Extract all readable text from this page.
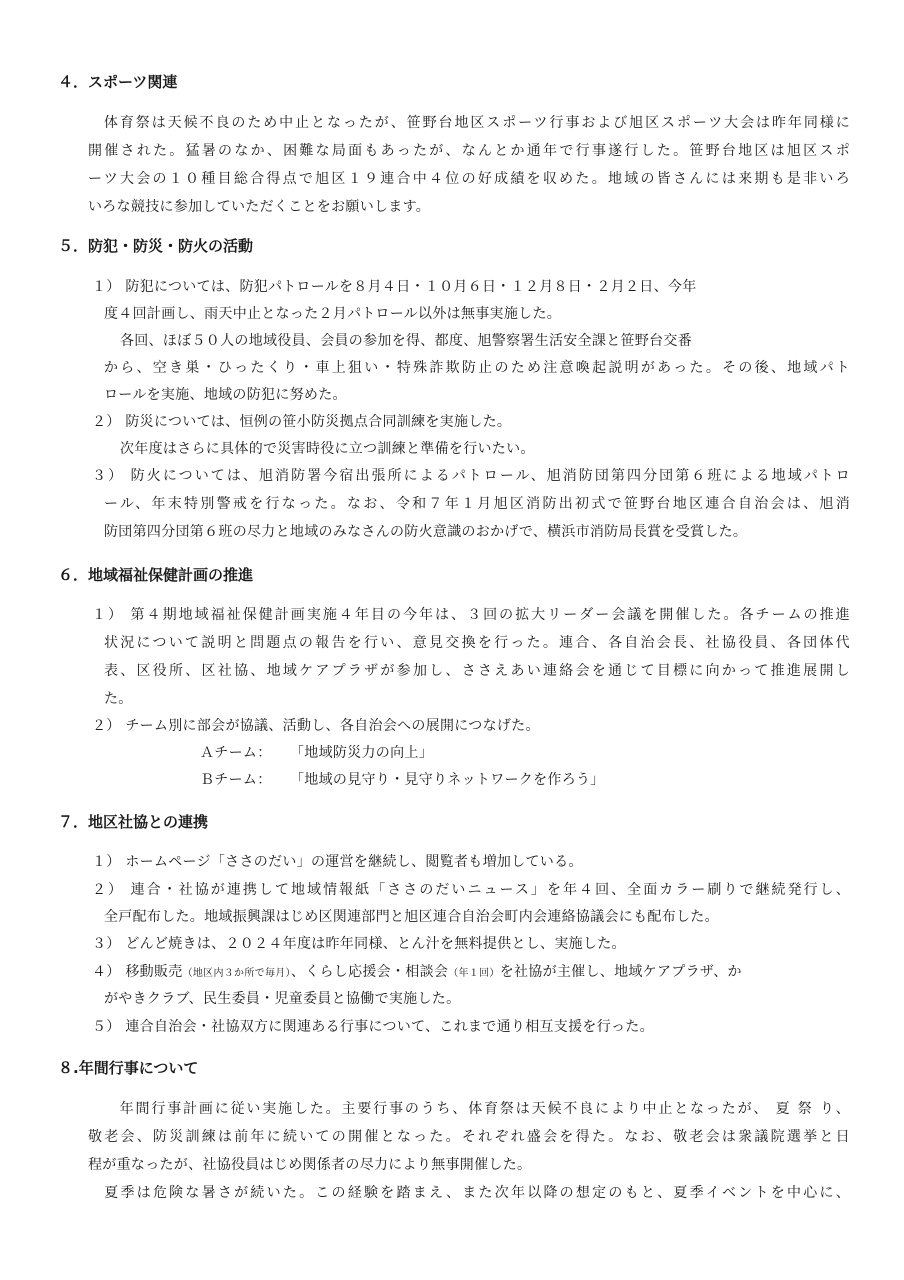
４．スポーツ関連
　体育祭は天候不良のため中止となったが、笹野台地区スポーツ行事および旭区スポーツ大会は昨年同様に
開催された。猛暑のなか、困難な局面もあったが、なんとか通年で行事遂行した。笹野台地区は旭区スポ
ーツ大会の１０種目総合得点で旭区１９連合中４位の好成績を収めた。地域の皆さんには来期も是非いろ
いろな競技に参加していただくことをお願いします。
５．防犯・防災・防火の活動
１） 防犯については、防犯パトロールを８月４日・１０月６日・１２月８日・２月２日、今年
度４回計画し、雨天中止となった２月パトロール以外は無事実施した。
各回、ほぼ５０人の地域役員、会員の参加を得、都度、旭警察署生活安全課と笹野台交番
から、空き巣・ひったくり・車上狙い・特殊詐欺防止のため注意喚起説明があった。その後、地域パト
ロールを実施、地域の防犯に努めた。
２） 防災については、恒例の笹小防災拠点合同訓練を実施した。
次年度はさらに具体的で災害時役に立つ訓練と準備を行いたい。
３） 防火については、旭消防署今宿出張所によるパトロール、旭消防団第四分団第６班による地域パトロ
ール、年末特別警戒を行なった。なお、令和７年１月旭区消防出初式で笹野台地区連合自治会は、旭消
防団第四分団第６班の尽力と地域のみなさんの防火意識のおかげで、横浜市消防局長賞を受賞した。
６．地域福祉保健計画の推進
１） 第４期地域福祉保健計画実施４年目の今年は、３回の拡大リーダー会議を開催した。各チームの推進
状況について説明と問題点の報告を行い、意見交換を行った。連合、各自治会長、社協役員、各団体代
表、区役所、区社協、地域ケアプラザが参加し、ささえあい連絡会を通じて目標に向かって推進展開し
た。
２） チーム別に部会が協議、活動し、各自治会への展開につなげた。
Ａチーム： 「地域防災力の向上」
Ｂチーム： 「地域の見守り・見守りネットワークを作ろう」
７．地区社協との連携
１） ホームページ「ささのだい」の運営を継続し、閲覧者も増加している。
２） 連合・社協が連携して地域情報紙「ささのだいニュース」を年４回、全面カラー刷りで継続発行し、
全戸配布した。地域振興課はじめ区関連部門と旭区連合自治会町内会連絡協議会にも配布した。
３） どんど焼きは、２０２４年度は昨年同様、とん汁を無料提供とし、実施した。
４） 移動販売（地区内３か所で毎月）、くらし応援会・相談会（年１回）を社協が主催し、地域ケアプラザ、か
がやきクラブ、民生委員・児童委員と協働で実施した。
５） 連合自治会・社協双方に関連ある行事について、これまで通り相互支援を行った。
８.年間行事について
　　年間行事計画に従い実施した。主要行事のうち、体育祭は天候不良により中止となったが、 夏 祭 り、
敬老会、防災訓練は前年に続いての開催となった。それぞれ盛会を得た。なお、敬老会は衆議院選挙と日
程が重なったが、社協役員はじめ関係者の尽力により無事開催した。
　夏季は危険な暑さが続いた。この経験を踏まえ、また次年以降の想定のもと、夏季イベントを中心に、
